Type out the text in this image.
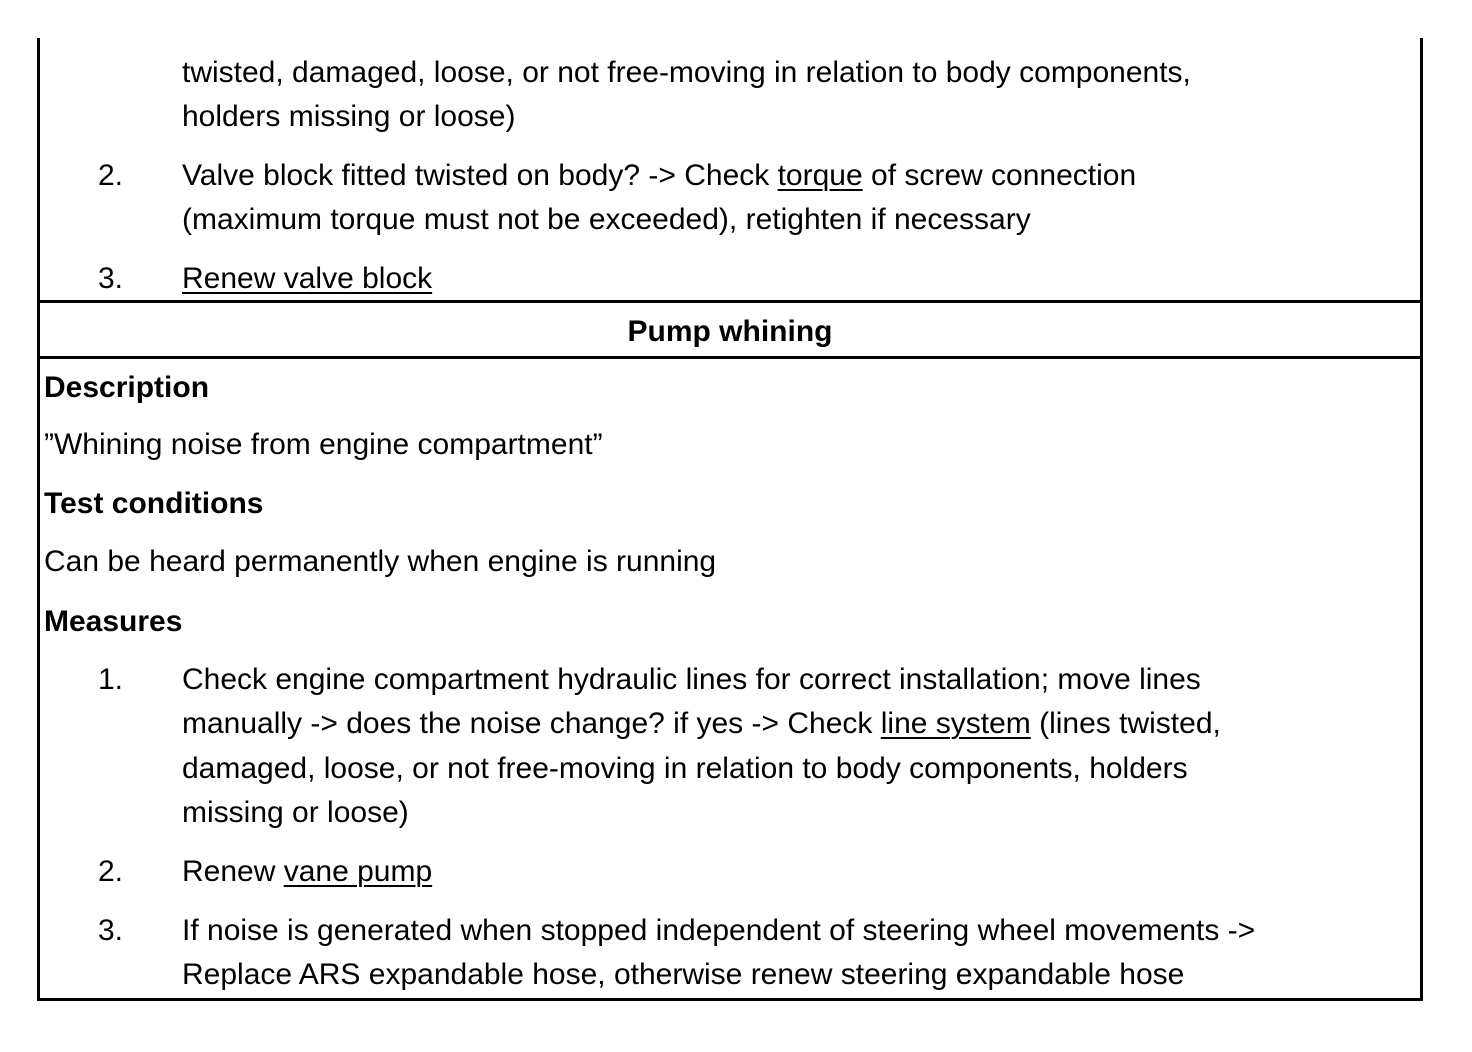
twisted, damaged, loose, or not free-moving in relation to body components,
holders missing or loose)
2. Valve block fitted twisted on body? -> Check torque of screw connection
(maximum torque must not be exceeded), retighten if necessary
3. Renew valve block
Pump whining
Description
”Whining noise from engine compartment”
Test conditions
Can be heard permanently when engine is running
Measures
1. Check engine compartment hydraulic lines for correct installation; move lines
manually -> does the noise change? if yes -> Check line system (lines twisted,
damaged, loose, or not free-moving in relation to body components, holders
missing or loose)
2. Renew vane pump
3. If noise is generated when stopped independent of steering wheel movements ->
Replace ARS expandable hose, otherwise renew steering expandable hose
